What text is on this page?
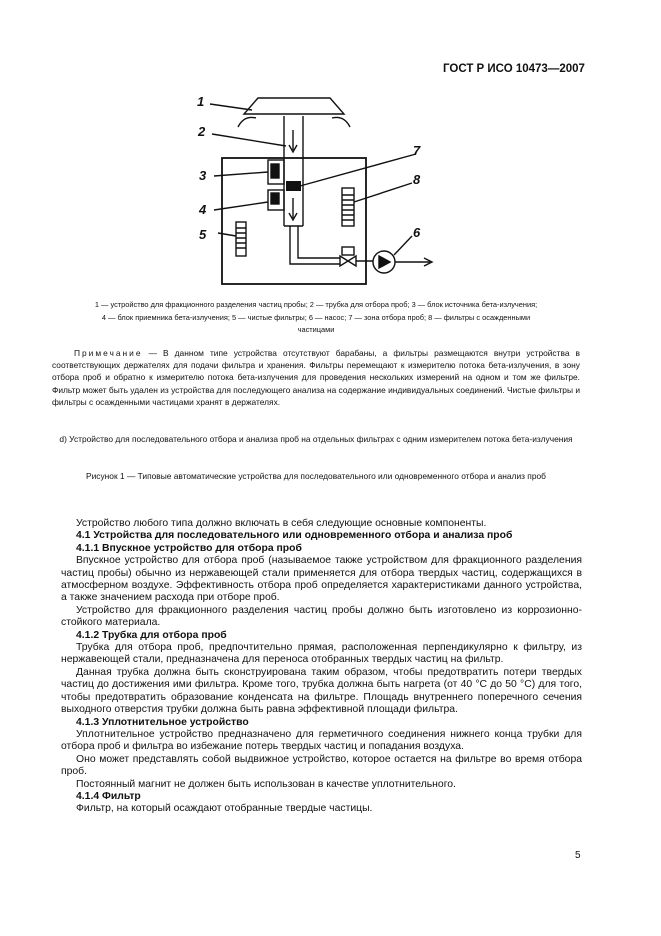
ГОСТ Р ИСО 10473—2007
1
2
3
4
5	6
7
8
1 — устройство для фракционного разделения частиц пробы; 2 — трубка для отбора проб; 3 — блок источника бета-излучения;
4 — блок приемника бета-излучения; 5 — чистые фильтры; 6 — насос; 7 — зона отбора проб; 8 — фильтры с осажденными
частицами
Примечание — В данном типе устройства отсутствуют барабаны, а фильтры размещаются внутри устройства в соответствующих держателях для подачи фильтра и хранения. Фильтры перемещают к измерителю потока бета-излучения, в зону отбора проб и обратно к измерителю потока бета-излучения для проведения нескольких измерений на одном и том же фильтре. Фильтр может быть удален из устройства для последующего анализа на содержание индивидуальных соединений. Чистые фильтры и фильтры с осажденными частицами хранят в держателях.
d) Устройство для последовательного отбора и анализа проб на отдельных фильтрах с одним измерителем потока бета-излучения
Рисунок 1 — Типовые автоматические устройства для последовательного или одновременного отбора и анализ проб

Устройство любого типа должно включать в себя следующие основные компоненты.

4.1 Устройства для последовательного или одновременного отбора и анализа проб
4.1.1 Впускное устройство для отбора проб

Впускное устройство для отбора проб (называемое также устройством для фракционного разделения частиц пробы) обычно из нержавеющей стали применяется для отбора твердых частиц, содержащихся в атмосферном воздухе. Эффективность отбора проб определяется характеристиками данного устройства, а также значением расхода при отборе проб.

Устройство для фракционного разделения частиц пробы должно быть изготовлено из коррозионно-стойкого материала.

4.1.2 Трубка для отбора проб

Трубка для отбора проб, предпочтительно прямая, расположенная перпендикулярно к фильтру, из нержавеющей стали, предназначена для переноса отобранных твердых частиц на фильтр.

Данная трубка должна быть сконструирована таким образом, чтобы предотвратить потери твердых частиц до достижения ими фильтра. Кроме того, трубка должна быть нагрета (от 40 °С до 50 °С) для того, чтобы предотвратить образование конденсата на фильтре. Площадь внутреннего поперечного сечения выходного отверстия трубки должна быть равна эффективной площади фильтра.

4.1.3 Уплотнительное устройство

Уплотнительное устройство предназначено для герметичного соединения нижнего конца трубки для отбора проб и фильтра во избежание потерь твердых частиц и попадания воздуха.

Оно может представлять собой выдвижное устройство, которое остается на фильтре во время отбора проб.

Постоянный магнит не должен быть использован в качестве уплотнительного.

4.1.4 Фильтр

Фильтр, на который осаждают отобранные твердые частицы.

5
